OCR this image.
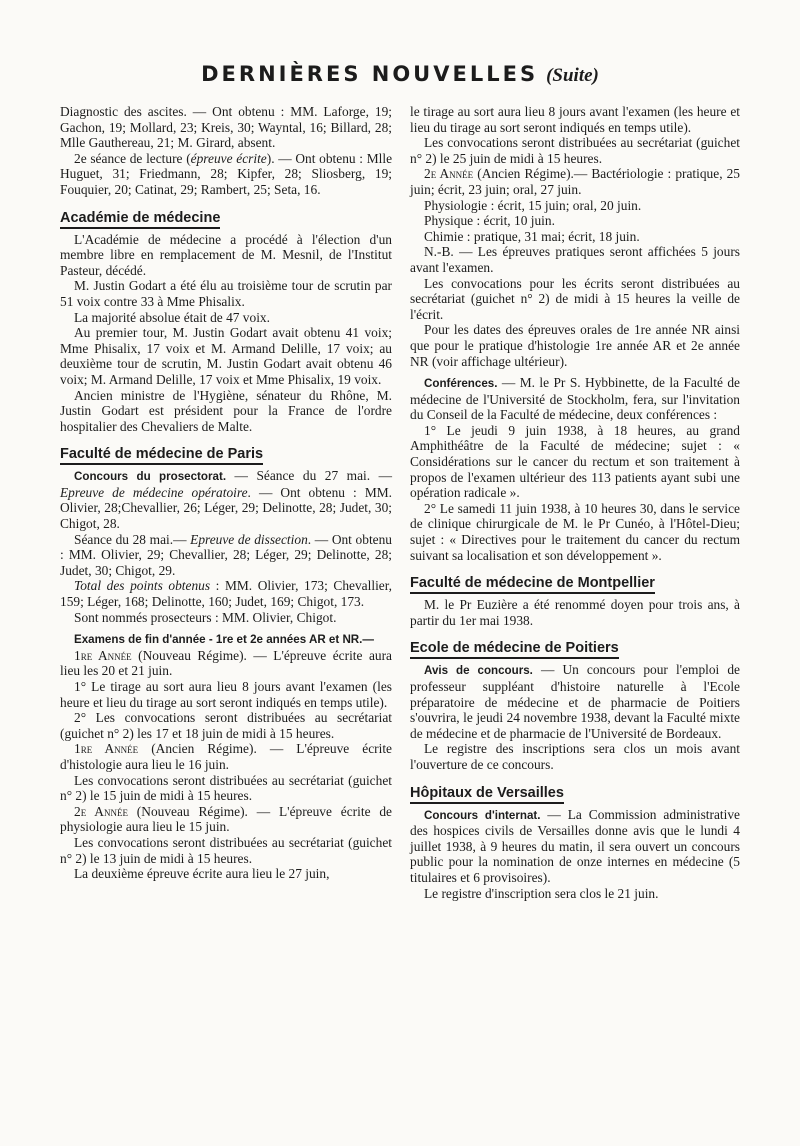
DERNIÈRES NOUVELLES (Suite)

Diagnostic des ascites. — Ont obtenu : MM. Laforge, 19; Gachon, 19; Mollard, 23; Kreis, 30; Wayntal, 16; Billard, 28; Mlle Gauthereau, 21; M. Girard, absent.

2e séance de lecture (épreuve écrite). — Ont obtenu : Mlle Huguet, 31; Friedmann, 28; Kipfer, 28; Sliosberg, 19; Fouquier, 20; Catinat, 29; Rambert, 25; Seta, 16.

Académie de médecine

L'Académie de médecine a procédé à l'élection d'un membre libre en remplacement de M. Mesnil, de l'Institut Pasteur, décédé.

M. Justin Godart a été élu au troisième tour de scrutin par 51 voix contre 33 à Mme Phisalix.

La majorité absolue était de 47 voix.

Au premier tour, M. Justin Godart avait obtenu 41 voix; Mme Phisalix, 17 voix et M. Armand Delille, 17 voix; au deuxième tour de scrutin, M. Justin Godart avait obtenu 46 voix; M. Armand Delille, 17 voix et Mme Phisalix, 19 voix.

Ancien ministre de l'Hygiène, sénateur du Rhône, M. Justin Godart est président pour la France de l'ordre hospitalier des Chevaliers de Malte.

Faculté de médecine de Paris

Concours du prosectorat. — Séance du 27 mai. — Epreuve de médecine opératoire. — Ont obtenu : MM. Olivier, 28;Chevallier, 26; Léger, 29; Delinotte, 28; Judet, 30; Chigot, 28.

Séance du 28 mai.— Epreuve de dissection. — Ont obtenu : MM. Olivier, 29; Chevallier, 28; Léger, 29; Delinotte, 28; Judet, 30; Chigot, 29.

Total des points obtenus : MM. Olivier, 173; Chevallier, 159; Léger, 168; Delinotte, 160; Judet, 169; Chigot, 173.

Sont nommés prosecteurs : MM. Olivier, Chigot.

Examens de fin d'année - 1re et 2e années AR et NR.—

1re Année (Nouveau Régime). — L'épreuve écrite aura lieu les 20 et 21 juin.

1° Le tirage au sort aura lieu 8 jours avant l'examen (les heure et lieu du tirage au sort seront indiqués en temps utile).

2° Les convocations seront distribuées au secrétariat (guichet n° 2) les 17 et 18 juin de midi à 15 heures.

1re Année (Ancien Régime). — L'épreuve écrite d'histologie aura lieu le 16 juin.

Les convocations seront distribuées au secrétariat (guichet n° 2) le 15 juin de midi à 15 heures.

2e Année (Nouveau Régime). — L'épreuve écrite de physiologie aura lieu le 15 juin.

Les convocations seront distribuées au secrétariat (guichet n° 2) le 13 juin de midi à 15 heures.

La deuxième épreuve écrite aura lieu le 27 juin,

le tirage au sort aura lieu 8 jours avant l'examen (les heure et lieu du tirage au sort seront indiqués en temps utile).

Les convocations seront distribuées au secrétariat (guichet n° 2) le 25 juin de midi à 15 heures.

2e Année (Ancien Régime).— Bactériologie : pratique, 25 juin; écrit, 23 juin; oral, 27 juin.

Physiologie : écrit, 15 juin; oral, 20 juin.

Physique : écrit, 10 juin.

Chimie : pratique, 31 mai; écrit, 18 juin.

N.-B. — Les épreuves pratiques seront affichées 5 jours avant l'examen.

Les convocations pour les écrits seront distribuées au secrétariat (guichet n° 2) de midi à 15 heures la veille de l'écrit.

Pour les dates des épreuves orales de 1re année NR ainsi que pour le pratique d'histologie 1re année AR et 2e année NR (voir affichage ultérieur).

Conférences. — M. le Pr S. Hybbinette, de la Faculté de médecine de l'Université de Stockholm, fera, sur l'invitation du Conseil de la Faculté de médecine, deux conférences :

1° Le jeudi 9 juin 1938, à 18 heures, au grand Amphithéâtre de la Faculté de médecine; sujet : « Considérations sur le cancer du rectum et son traitement à propos de l'examen ultérieur des 113 patients ayant subi une opération radicale ».

2° Le samedi 11 juin 1938, à 10 heures 30, dans le service de clinique chirurgicale de M. le Pr Cunéo, à l'Hôtel-Dieu; sujet : « Directives pour le traitement du cancer du rectum suivant sa localisation et son développement ».

Faculté de médecine de Montpellier

M. le Pr Euzière a été renommé doyen pour trois ans, à partir du 1er mai 1938.

Ecole de médecine de Poitiers

Avis de concours. — Un concours pour l'emploi de professeur suppléant d'histoire naturelle à l'Ecole préparatoire de médecine et de pharmacie de Poitiers s'ouvrira, le jeudi 24 novembre 1938, devant la Faculté mixte de médecine et de pharmacie de l'Université de Bordeaux.

Le registre des inscriptions sera clos un mois avant l'ouverture de ce concours.

Hôpitaux de Versailles

Concours d'internat. — La Commission administrative des hospices civils de Versailles donne avis que le lundi 4 juillet 1938, à 9 heures du matin, il sera ouvert un concours public pour la nomination de onze internes en médecine (5 titulaires et 6 provisoires).

Le registre d'inscription sera clos le 21 juin.
